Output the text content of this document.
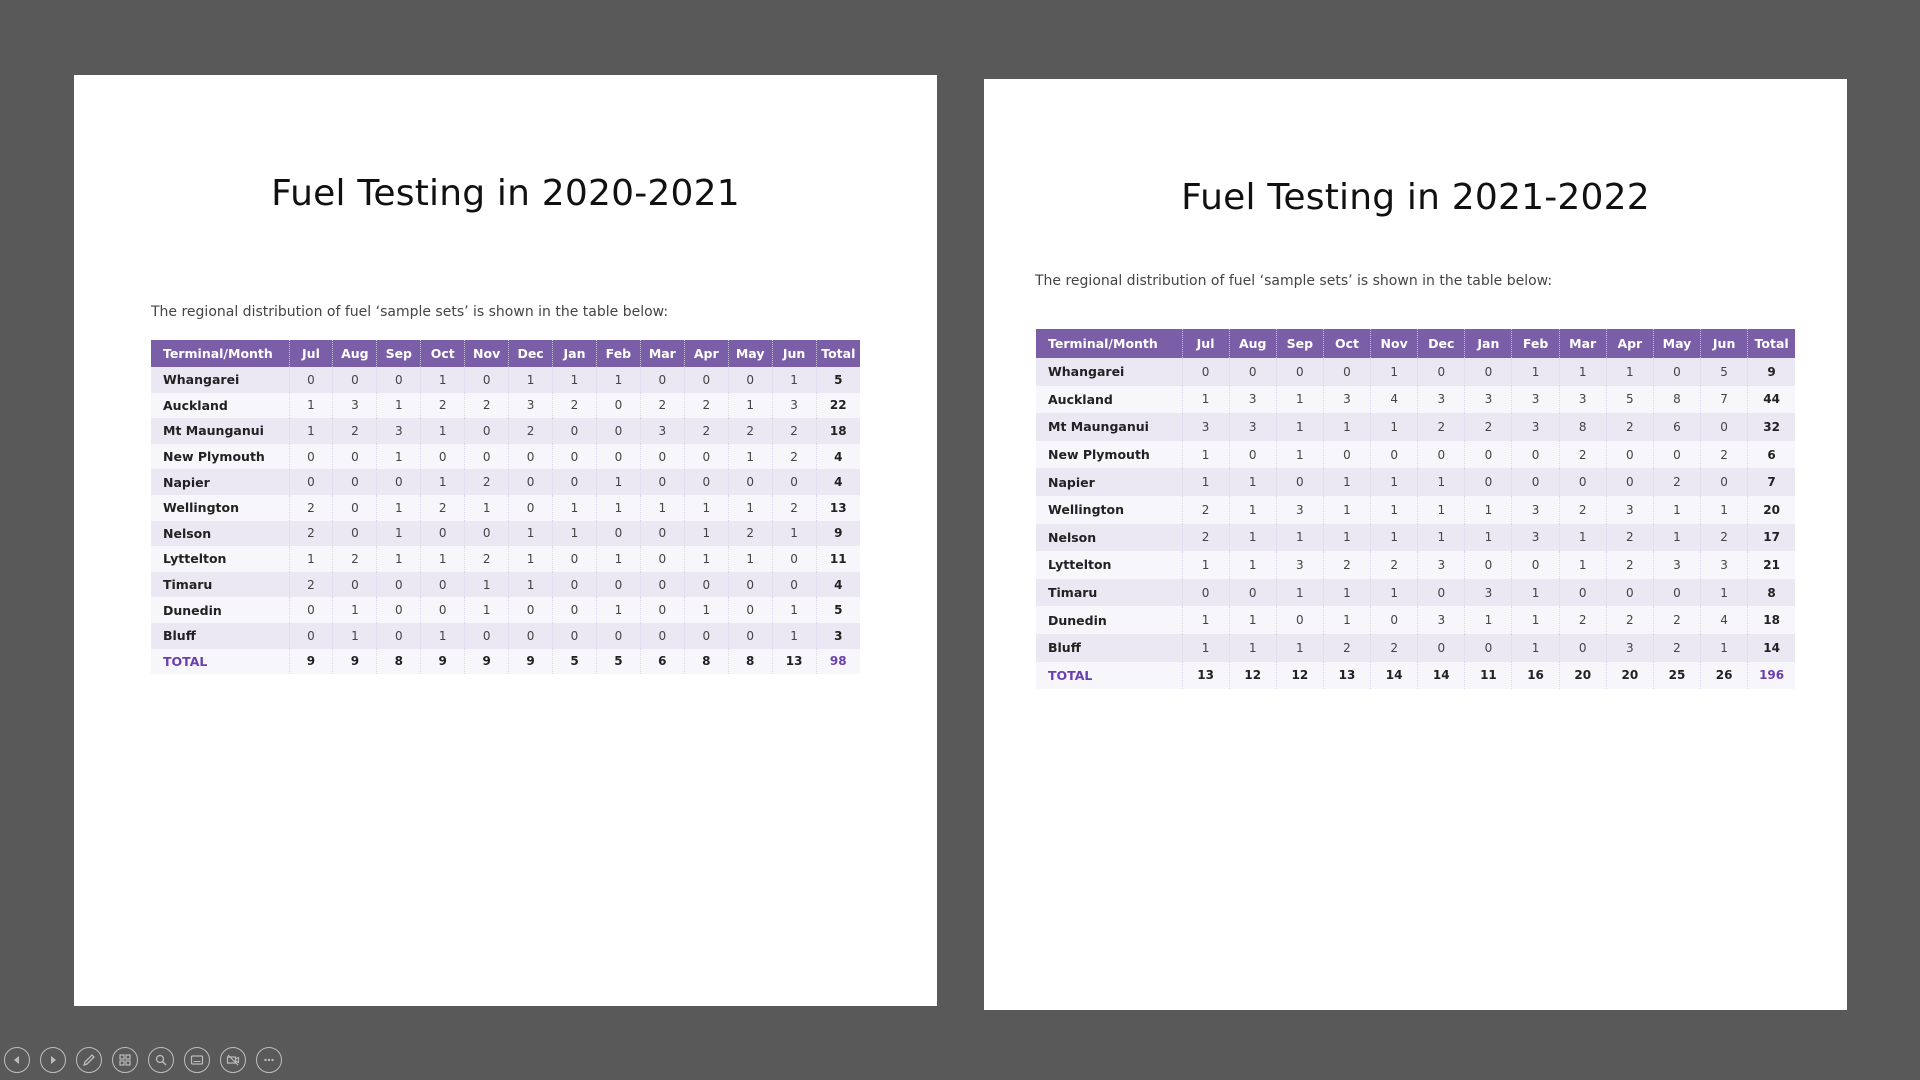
Fuel Testing in 2020-2021
The regional distribution of fuel ‘sample sets’ is shown in the table below:
Terminal/Month	Jul	Aug	Sep	Oct	Nov	Dec	Jan	Feb	Mar	Apr	May	Jun	Total
Whangarei	0	0	0	1	0	1	1	1	0	0	0	1	5
Auckland	1	3	1	2	2	3	2	0	2	2	1	3	22
Mt Maunganui	1	2	3	1	0	2	0	0	3	2	2	2	18
New Plymouth	0	0	1	0	0	0	0	0	0	0	1	2	4
Napier	0	0	0	1	2	0	0	1	0	0	0	0	4
Wellington	2	0	1	2	1	0	1	1	1	1	1	2	13
Nelson	2	0	1	0	0	1	1	0	0	1	2	1	9
Lyttelton	1	2	1	1	2	1	0	1	0	1	1	0	11
Timaru	2	0	0	0	1	1	0	0	0	0	0	0	4
Dunedin	0	1	0	0	1	0	0	1	0	1	0	1	5
Bluff	0	1	0	1	0	0	0	0	0	0	0	1	3
TOTAL	9	9	8	9	9	9	5	5	6	8	8	13	98
Fuel Testing in 2021-2022
The regional distribution of fuel ‘sample sets’ is shown in the table below:
Terminal/Month	Jul	Aug	Sep	Oct	Nov	Dec	Jan	Feb	Mar	Apr	May	Jun	Total
Whangarei	0	0	0	0	1	0	0	1	1	1	0	5	9
Auckland	1	3	1	3	4	3	3	3	3	5	8	7	44
Mt Maunganui	3	3	1	1	1	2	2	3	8	2	6	0	32
New Plymouth	1	0	1	0	0	0	0	0	2	0	0	2	6
Napier	1	1	0	1	1	1	0	0	0	0	2	0	7
Wellington	2	1	3	1	1	1	1	3	2	3	1	1	20
Nelson	2	1	1	1	1	1	1	3	1	2	1	2	17
Lyttelton	1	1	3	2	2	3	0	0	1	2	3	3	21
Timaru	0	0	1	1	1	0	3	1	0	0	0	1	8
Dunedin	1	1	0	1	0	3	1	1	2	2	2	4	18
Bluff	1	1	1	2	2	0	0	1	0	3	2	1	14
TOTAL	13	12	12	13	14	14	11	16	20	20	25	26	196
